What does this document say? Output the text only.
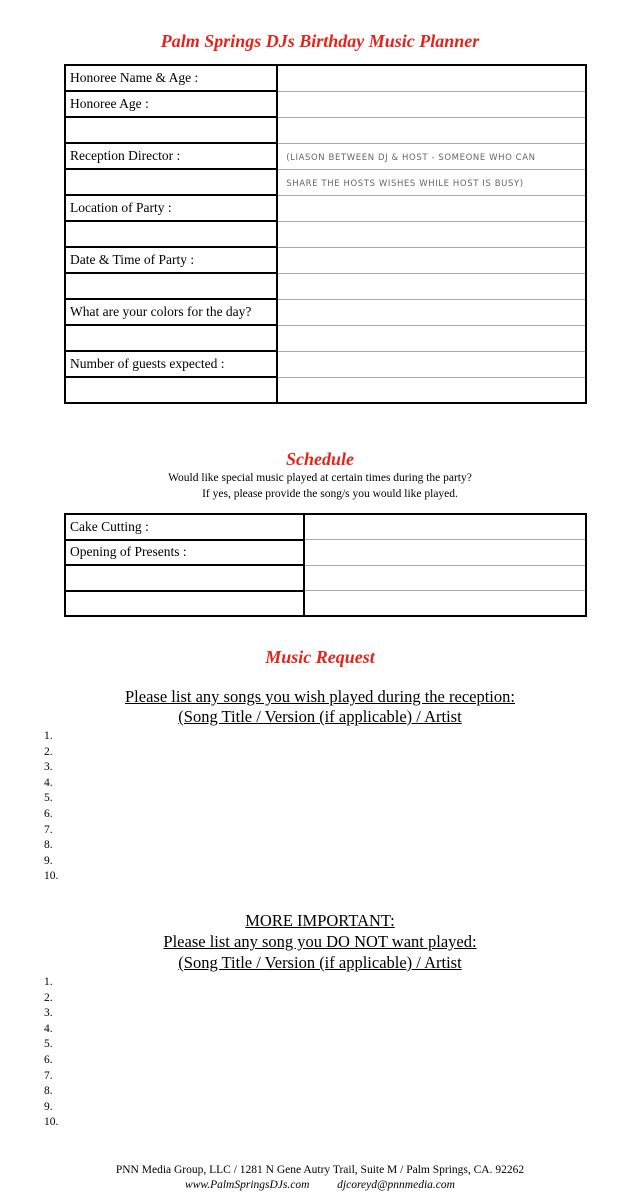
Palm Springs DJs Birthday Music Planner
Honoree Name & Age :	
Honoree Age :	

Reception Director :	(LIASON BETWEEN DJ & HOST - SOMEONE WHO CAN
	SHARE THE HOSTS WISHES WHILE HOST IS BUSY)
Location of Party :	

Date & Time of Party :	

What are your colors for the day?	

Number of guests expected :	

Schedule
Would like special music played at certain times during the party?
If yes, please provide the song/s you would like played.
Cake Cutting :	
Opening of Presents :	

Music Request
Please list any songs you wish played during the reception:
(Song Title / Version (if applicable) / Artist
1.
2.
3.
4.
5.
6.
7.
8.
9.
10.
MORE IMPORTANT:
Please list any song you DO NOT want played:
(Song Title / Version (if applicable) / Artist
1.
2.
3.
4.
5.
6.
7.
8.
9.
10.
PNN Media Group, LLC / 1281 N Gene Autry Trail, Suite M / Palm Springs, CA. 92262
www.PalmSpringsDJs.com djcoreyd@pnnmedia.com
